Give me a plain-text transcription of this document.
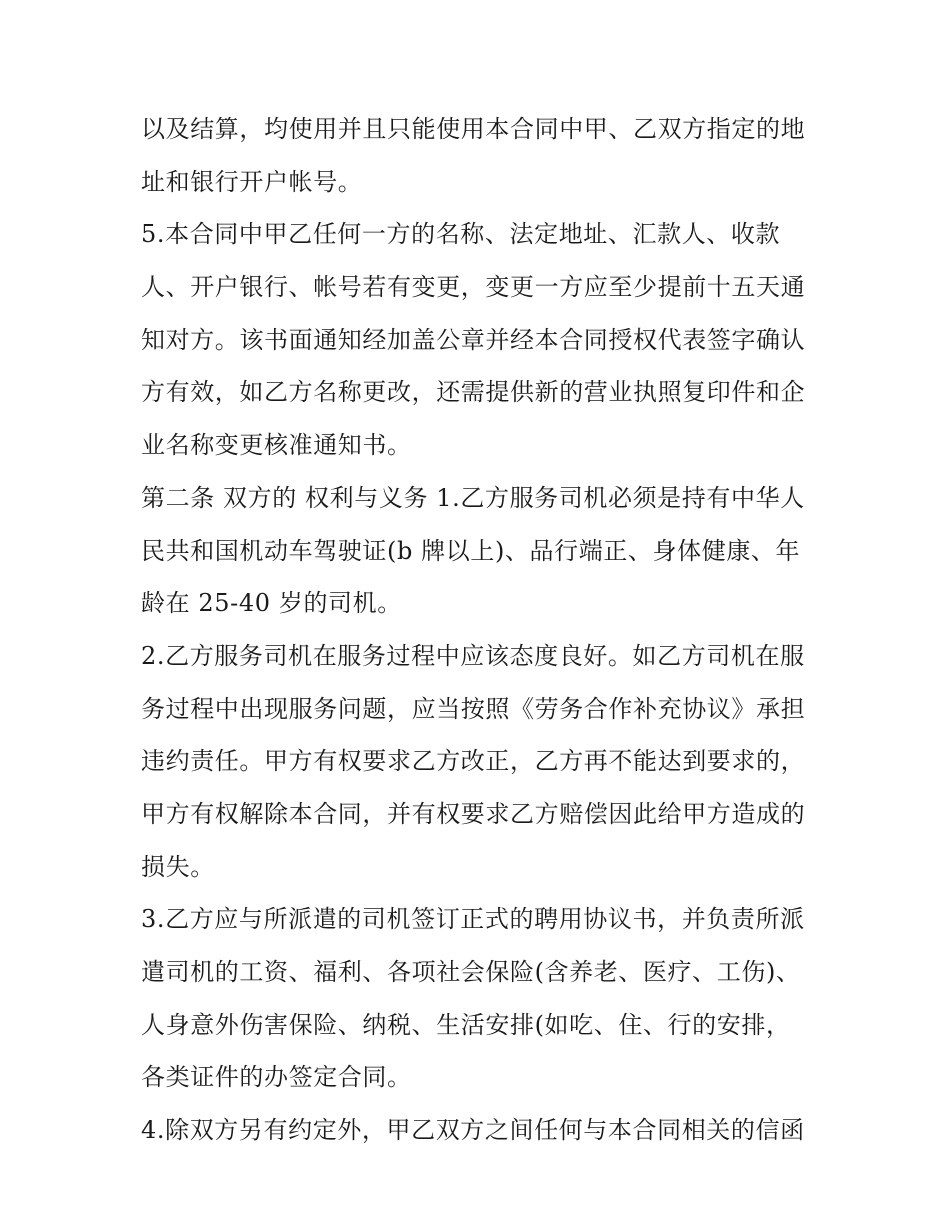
以及结算，均使用并且只能使用本合同中甲、乙双方指定的地
址和银行开户帐号。
5.本合同中甲乙任何一方的名称、法定地址、汇款人、收款
人、开户银行、帐号若有变更，变更一方应至少提前十五天通
知对方。该书面通知经加盖公章并经本合同授权代表签字确认
方有效，如乙方名称更改，还需提供新的营业执照复印件和企
业名称变更核准通知书。
第二条 双方的 权利与义务 1.乙方服务司机必须是持有中华人
民共和国机动车驾驶证(b 牌以上)、品行端正、身体健康、年
龄在 25-40 岁的司机。
2.乙方服务司机在服务过程中应该态度良好。如乙方司机在服
务过程中出现服务问题，应当按照《劳务合作补充协议》承担
违约责任。甲方有权要求乙方改正，乙方再不能达到要求的，
甲方有权解除本合同，并有权要求乙方赔偿因此给甲方造成的
损失。
3.乙方应与所派遣的司机签订正式的聘用协议书，并负责所派
遣司机的工资、福利、各项社会保险(含养老、医疗、工伤)、
人身意外伤害保险、纳税、生活安排(如吃、住、行的安排，
各类证件的办签定合同。
4.除双方另有约定外，甲乙双方之间任何与本合同相关的信函
